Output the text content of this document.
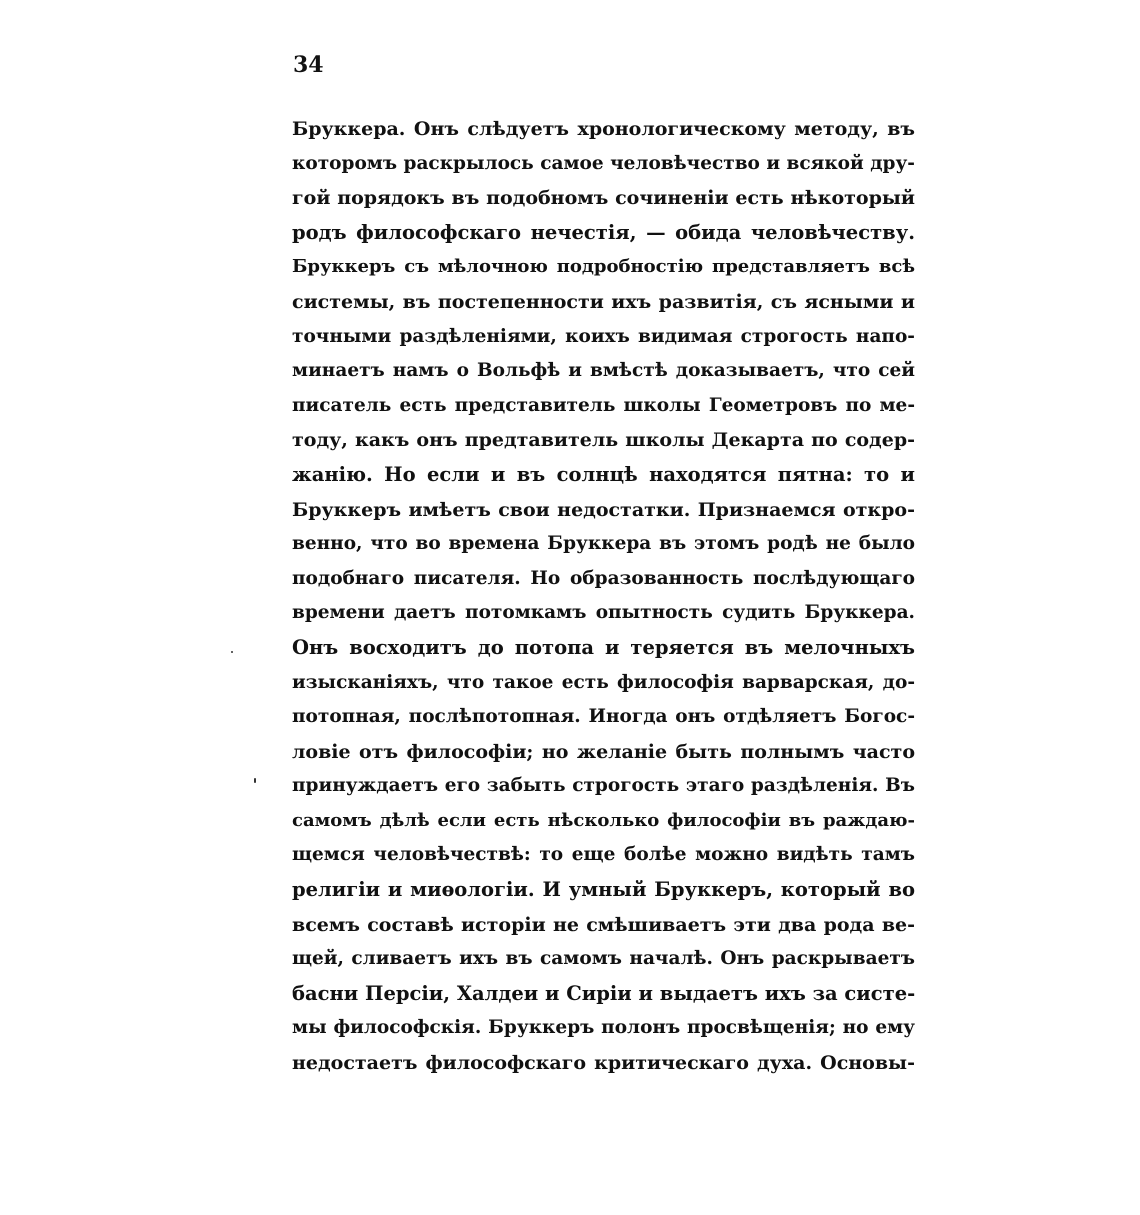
34
Бруккера. Онъ слѣдуетъ хронологическому методу, въ
которомъ раскрылось самое человѣчество и всякой дру-
гой порядокъ въ подобномъ сочиненіи есть нѣкоторый
родъ философскаго нечестія, — обида человѣчеству.
Бруккеръ съ мѣлочною подробностію представляетъ всѣ
системы, въ постепенности ихъ развитія, съ ясными и
точными раздѣленіями, коихъ видимая строгость напо-
минаетъ намъ о Вольфѣ и вмѣстѣ доказываетъ, что сей
писатель есть представитель школы Геометровъ по ме-
тоду, какъ онъ предтавитель школы Декарта по содер-
жанію. Но если и въ солнцѣ находятся пятна: то и
Бруккеръ имѣетъ свои недостатки. Признаемся откро-
венно, что во времена Бруккера въ этомъ родѣ не было
подобнаго писателя. Но образованность послѣдующаго
времени даетъ потомкамъ опытность судить Бруккера.
Онъ восходитъ до потопа и теряется въ мелочныхъ
изысканіяхъ, что такое есть философія варварская, до-
потопная, послѣпотопная. Иногда онъ отдѣляетъ Богос-
ловіе отъ философіи; но желаніе быть полнымъ часто
принуждаетъ его забыть строгость этаго раздѣленія. Въ
самомъ дѣлѣ если есть нѣсколько философіи въ раждаю-
щемся человѣчествѣ: то еще болѣе можно видѣть тамъ
религіи и миѳологіи. И умный Бруккеръ, который во
всемъ составѣ исторіи не смѣшиваетъ эти два рода ве-
щей, сливаетъ ихъ въ самомъ началѣ. Онъ раскрываетъ
басни Персіи, Халдеи и Сиріи и выдаетъ ихъ за систе-
мы философскія. Бруккеръ полонъ просвѣщенія; но ему
недостаетъ философскаго критическаго духа. Основы-
